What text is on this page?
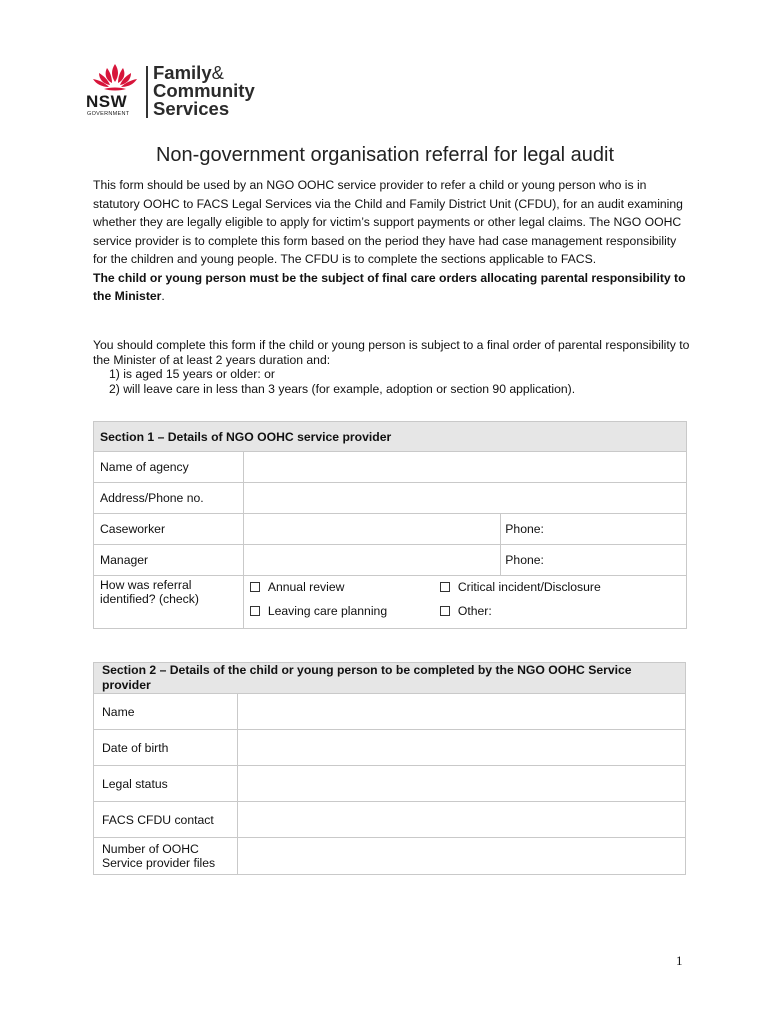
NSW
GOVERNMENT
Family&
Community
Services
Non-government organisation referral for legal audit

This form should be used by an NGO OOHC service provider to refer a child or young person who is in statutory OOHC to FACS Legal Services via the Child and Family District Unit (CFDU), for an audit examining whether they are legally eligible to apply for victim’s support payments or other legal claims. The NGO OOHC service provider is to complete this form based on the period they have had case management responsibility for the children and young people. The CFDU is to complete the sections applicable to FACS.

The child or young person must be the subject of final care orders allocating parental responsibility to the Minister.

You should complete this form if the child or young person is subject to a final order of parental responsibility to the Minister of at least 2 years duration and:

1) is aged 15 years or older: or

2) will leave care in less than 3 years (for example, adoption or section 90 application).

Section 1 – Details of NGO OOHC service provider
Name of agency	
Address/Phone no.	
Caseworker		Phone:
Manager		Phone:
How was referral identified? (check)	
Annual review	Critical incident/Disclosure
Leaving care planning	Other:
Section 2 – Details of the child or young person to be completed by the NGO OOHC Service provider	
Name	
Date of birth	
Legal status	
FACS CFDU contact	
Number of OOHC Service provider files	
1
